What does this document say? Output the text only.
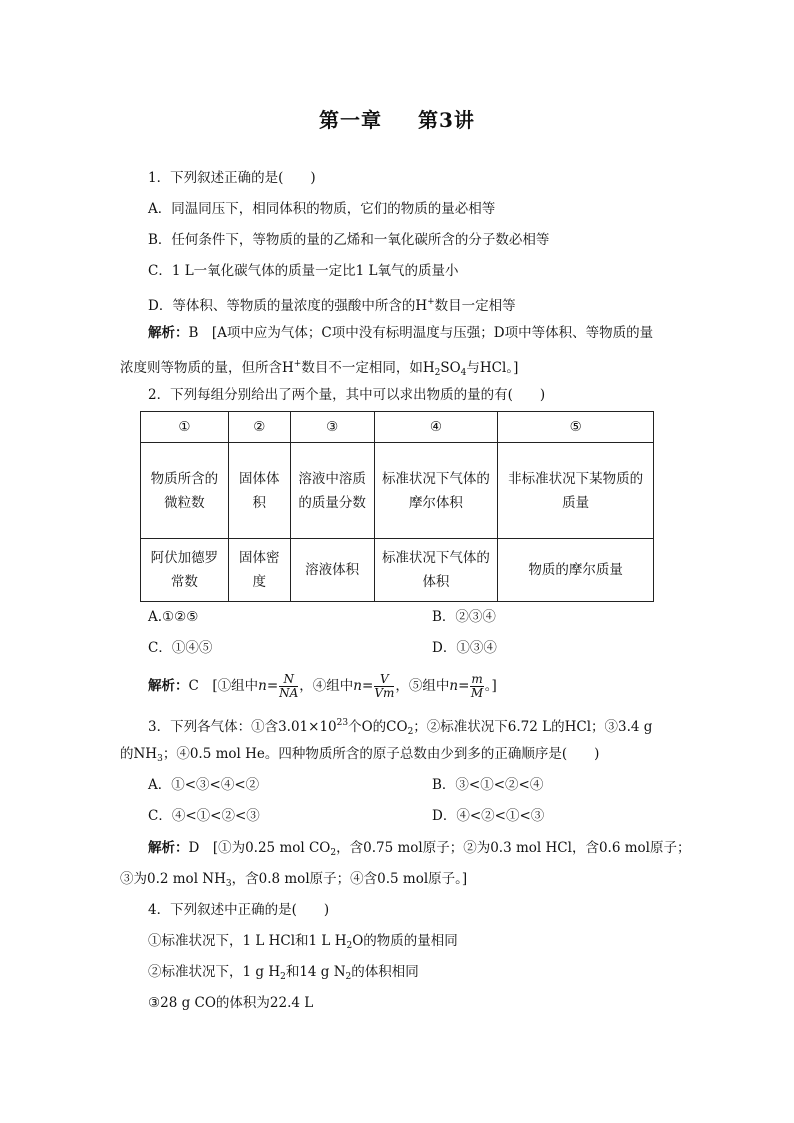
第一章 第3讲
1．下列叙述正确的是(　　)
A．同温同压下，相同体积的物质，它们的物质的量必相等
B．任何条件下，等物质的量的乙烯和一氧化碳所含的分子数必相等
C．1 L一氧化碳气体的质量一定比1 L氧气的质量小
D．等体积、等物质的量浓度的强酸中所含的H+数目一定相等
解析：B　[A项中应为气体；C项中没有标明温度与压强；D项中等体积、等物质的量
浓度则等物质的量，但所含H+数目不一定相同，如$H_2SO_4$与HCl。]
2．下列每组分别给出了两个量，其中可以求出物质的量的有(　　)
①	②	③	④	⑤
物质所含的微粒数	固体体积	溶液中溶质的质量分数	标准状况下气体的摩尔体积	非标准状况下某物质的质量
阿伏加德罗常数	固体密度	溶液体积	标准状况下气体的体积	物质的摩尔质量
A.①②⑤	B．②③④
C．①④⑤	D．①③④
解析：C　[①组中$n= \frac{N}{NA}$ ，④组中$n= \frac{V}{Vm}$ ，⑤组中$n= \frac{m}{M}$ 。]
3．下列各气体：①含$3.01\times 10^{23}$个O的$CO_2$；②标准状况下6.72 L的HCl；③3.4 g
的$NH_3$；④0.5 mol He。四种物质所含的原子总数由少到多的正确顺序是(　　)
A．①<③<④<②	B．③<①<②<④
C．④<①<②<③	D．④<②<①<③
解析：D　[①为0.25 mol $CO_2$，含0.75 mol原子；②为0.3 mol HCl，含0.6 mol原子；
③为0.2 mol $NH_3$，含0.8 mol原子；④含0.5 mol原子。]
4．下列叙述中正确的是(　　)
①标准状况下，1 L HCl和1 L $H_2O$的物质的量相同
②标准状况下，1 g $H_2$和14 g $N_2$的体积相同
③28 g CO的体积为22.4 L
